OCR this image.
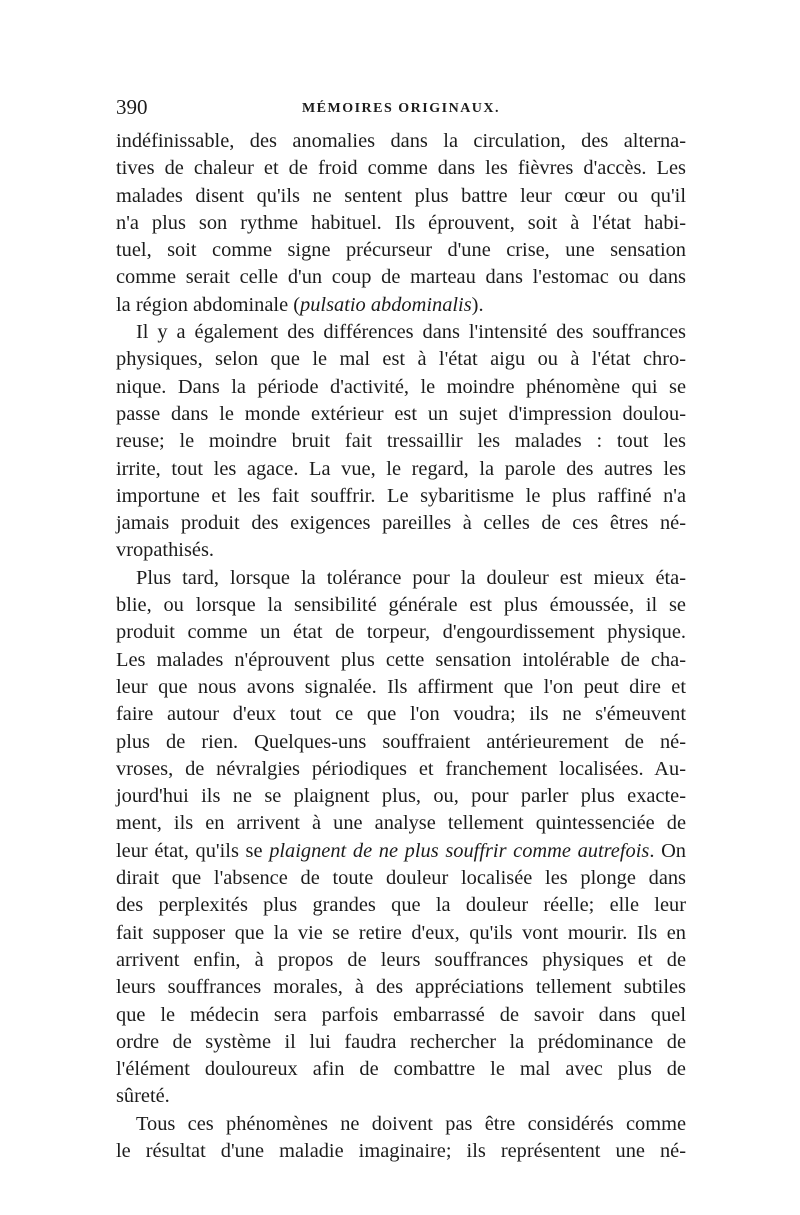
390	MÉMOIRES ORIGINAUX.

indéfinissable, des anomalies dans la circulation, des alterna-
tives de chaleur et de froid comme dans les fièvres d'accès. Les
malades disent qu'ils ne sentent plus battre leur cœur ou qu'il
n'a plus son rythme habituel. Ils éprouvent, soit à l'état habi-
tuel, soit comme signe précurseur d'une crise, une sensation
comme serait celle d'un coup de marteau dans l'estomac ou dans
la région abdominale (pulsatio abdominalis).

Il y a également des différences dans l'intensité des souffrances
physiques, selon que le mal est à l'état aigu ou à l'état chro-
nique. Dans la période d'activité, le moindre phénomène qui se
passe dans le monde extérieur est un sujet d'impression doulou-
reuse; le moindre bruit fait tressaillir les malades : tout les
irrite, tout les agace. La vue, le regard, la parole des autres les
importune et les fait souffrir. Le sybaritisme le plus raffiné n'a
jamais produit des exigences pareilles à celles de ces êtres né-
vropathisés.

Plus tard, lorsque la tolérance pour la douleur est mieux éta-
blie, ou lorsque la sensibilité générale est plus émoussée, il se
produit comme un état de torpeur, d'engourdissement physique.
Les malades n'éprouvent plus cette sensation intolérable de cha-
leur que nous avons signalée. Ils affirment que l'on peut dire et
faire autour d'eux tout ce que l'on voudra; ils ne s'émeuvent
plus de rien. Quelques-uns souffraient antérieurement de né-
vroses, de névralgies périodiques et franchement localisées. Au-
jourd'hui ils ne se plaignent plus, ou, pour parler plus exacte-
ment, ils en arrivent à une analyse tellement quintessenciée de
leur état, qu'ils se plaignent de ne plus souffrir comme autrefois. On
dirait que l'absence de toute douleur localisée les plonge dans
des perplexités plus grandes que la douleur réelle; elle leur
fait supposer que la vie se retire d'eux, qu'ils vont mourir. Ils en
arrivent enfin, à propos de leurs souffrances physiques et de
leurs souffrances morales, à des appréciations tellement subtiles
que le médecin sera parfois embarrassé de savoir dans quel
ordre de système il lui faudra rechercher la prédominance de
l'élément douloureux afin de combattre le mal avec plus de
sûreté.

Tous ces phénomènes ne doivent pas être considérés comme
le résultat d'une maladie imaginaire; ils représentent une né-
